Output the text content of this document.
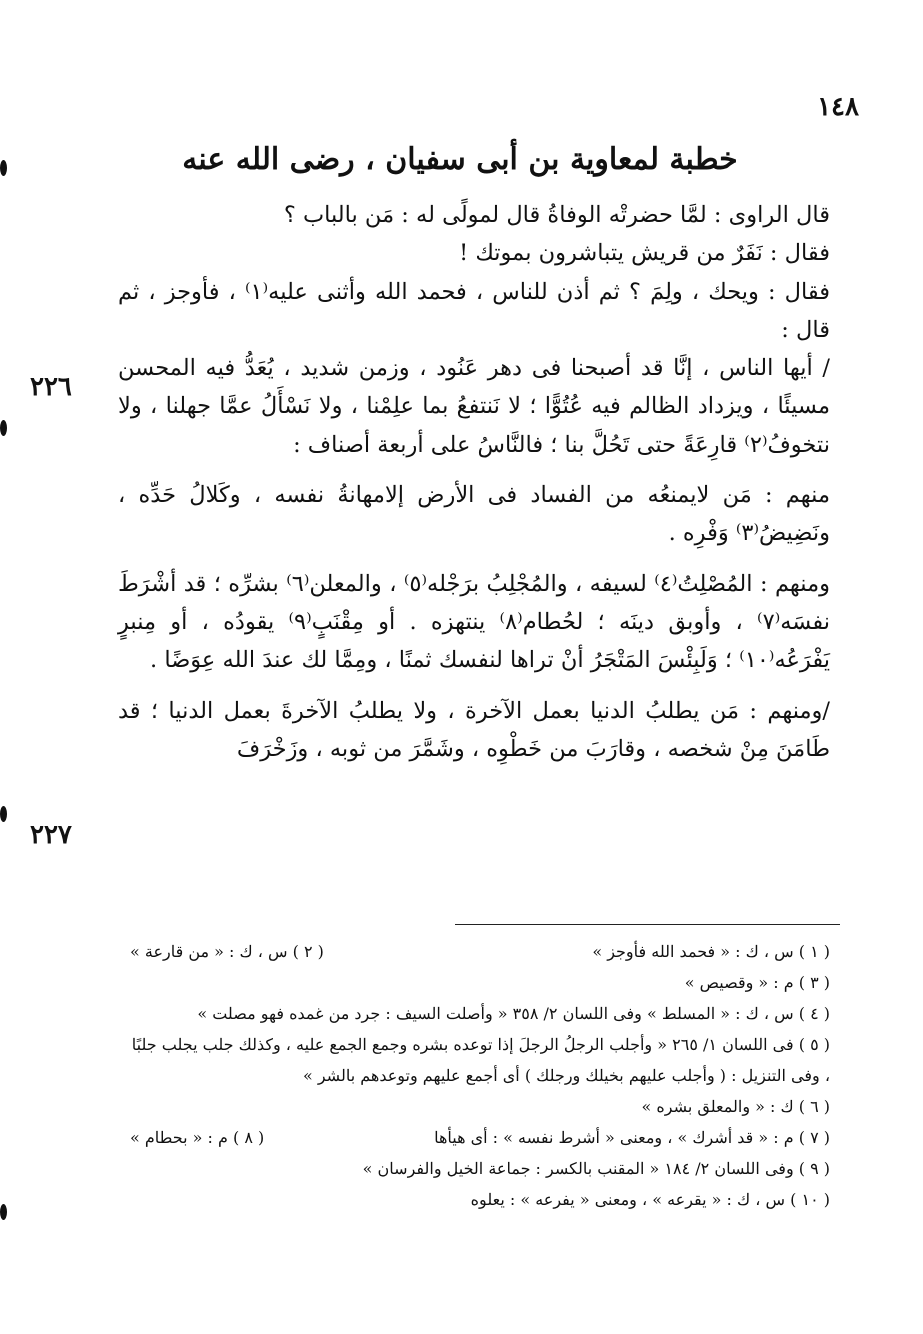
١٤٨
خطبة لمعاوية بن أبى سفيان ، رضى الله عنه
٢٢٦
٢٢٧

قال الراوى : لمَّا حضرتْه الوفاةُ قال لمولًى له : مَن بالباب ؟

فقال : نَفَرٌ من قريش يتباشرون بموتك !

فقال : ويحك ، ولِمَ ؟ ثم أذن للناس ، فحمد الله وأثنى عليه⁽١⁾ ، فأوجز ، ثم قال :

/ أيها الناس ، إنَّا قد أصبحنا فى دهر عَنُود ، وزمن شديد ، يُعَدُّ فيه المحسن مسيئًا ، ويزداد الظالم فيه عُتُوًّا ؛ لا نَنتفعُ بما علِمْنا ، ولا نَسْأَلُ عمَّا جهلنا ، ولا نتخوفُ⁽٢⁾ قارِعَةً حتى تَحُلَّ بنا ؛ فالنَّاسُ على أربعة أصناف :

منهم : مَن لايمنعُه من الفساد فى الأرض إلامهانةُ نفسه ، وكَلالُ حَدِّه ، ونَضِيضُ⁽٣⁾ وَفْرِه .

ومنهم : المُصْلِتُ⁽٤⁾ لسيفه ، والمُجْلِبُ برَجْله⁽٥⁾ ، والمعلن⁽٦⁾ بشرِّه ؛ قد أشْرَطَ نفسَه⁽٧⁾ ، وأوبق دينَه ؛ لحُطام⁽٨⁾ ينتهزه . أو مِقْنَبٍ⁽٩⁾ يقودُه ، أو مِنبرٍ يَفْرَعُه⁽١٠⁾ ؛ وَلَبِئْسَ المَتْجَرُ أنْ تراها لنفسك ثمنًا ، ومِمَّا لك عندَ الله عِوَضًا .

/ومنهم : مَن يطلبُ الدنيا بعمل الآخرة ، ولا يطلبُ الآخرةَ بعمل الدنيا ؛ قد طَامَنَ مِنْ شخصه ، وقارَبَ من خَطْوِه ، وشَمَّرَ من ثوبه ، وزَخْرَفَ

( ١ ) س ، ك : « فحمد الله فأوجز »
( ٢ ) س ، ك : « من قارعة »

( ٣ ) م : « وقصيص »

( ٤ ) س ، ك : « المسلط » وفى اللسان ٢/ ٣٥٨ « وأصلت السيف : جرد من غمده فهو مصلت »

( ٥ ) فى اللسان ١/ ٢٦٥ « وأجلب الرجلُ الرجلَ إذا توعده بشره وجمع الجمع عليه ، وكذلك جلب يجلب جلبًا ، وفى التنزيل : ( وأجلب عليهم بخيلك ورجلك ) أى أجمع عليهم وتوعدهم بالشر »

( ٦ ) ك : « والمعلق بشره »

( ٧ ) م : « قد أشرك » ، ومعنى « أشرط نفسه » : أى هيأها
( ٨ ) م : « بحطام »

( ٩ ) وفى اللسان ٢/ ١٨٤ « المقنب بالكسر : جماعة الخيل والفرسان »

( ١٠ ) س ، ك : « يقرعه » ، ومعنى « يفرعه » : يعلوه
